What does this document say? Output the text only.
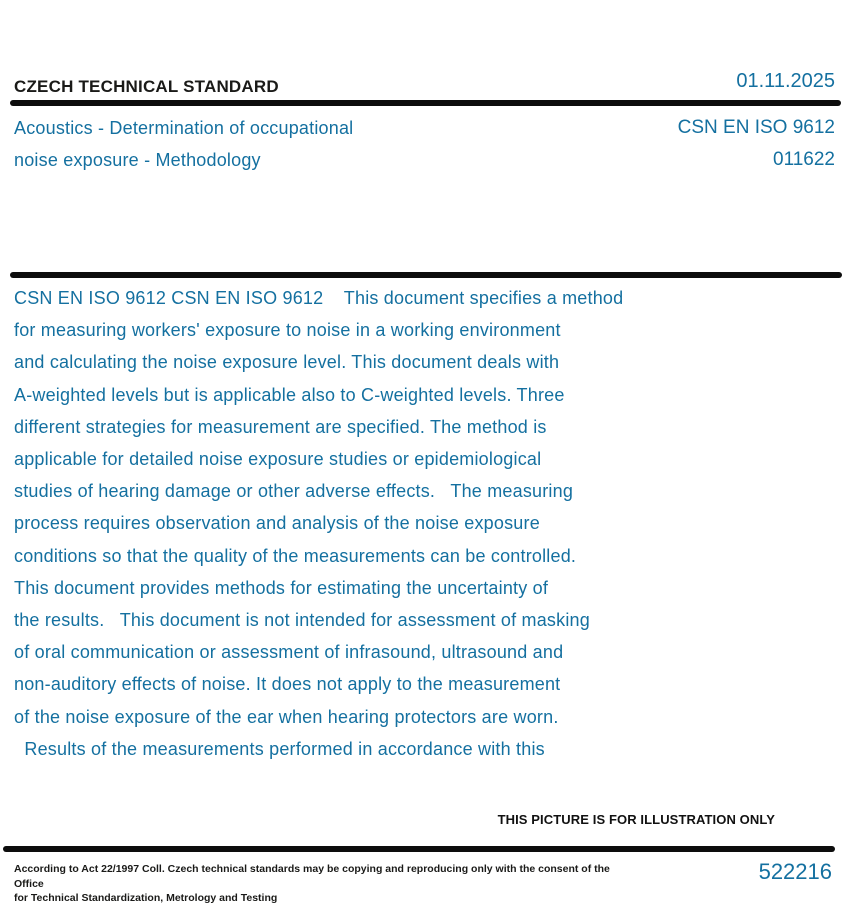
CZECH TECHNICAL STANDARD	01.11.2025
Acoustics - Determination of occupational
noise exposure - Methodology
CSN EN ISO 9612
011622
CSN EN ISO 9612 CSN EN ISO 9612    This document specifies a method
for measuring workers' exposure to noise in a working environment
and calculating the noise exposure level. This document deals with
A-weighted levels but is applicable also to C-weighted levels. Three
different strategies for measurement are specified. The method is
applicable for detailed noise exposure studies or epidemiological
studies of hearing damage or other adverse effects.   The measuring
process requires observation and analysis of the noise exposure
conditions so that the quality of the measurements can be controlled.
This document provides methods for estimating the uncertainty of
the results.   This document is not intended for assessment of masking
of oral communication or assessment of infrasound, ultrasound and
non-auditory effects of noise. It does not apply to the measurement
of the noise exposure of the ear when hearing protectors are worn.
Results of the measurements performed in accordance with this
THIS PICTURE IS FOR ILLUSTRATION ONLY
According to Act 22/1997 Coll. Czech technical standards may be copying and reproducing only with the consent of the Office
for Technical Standardization, Metrology and Testing
522216
